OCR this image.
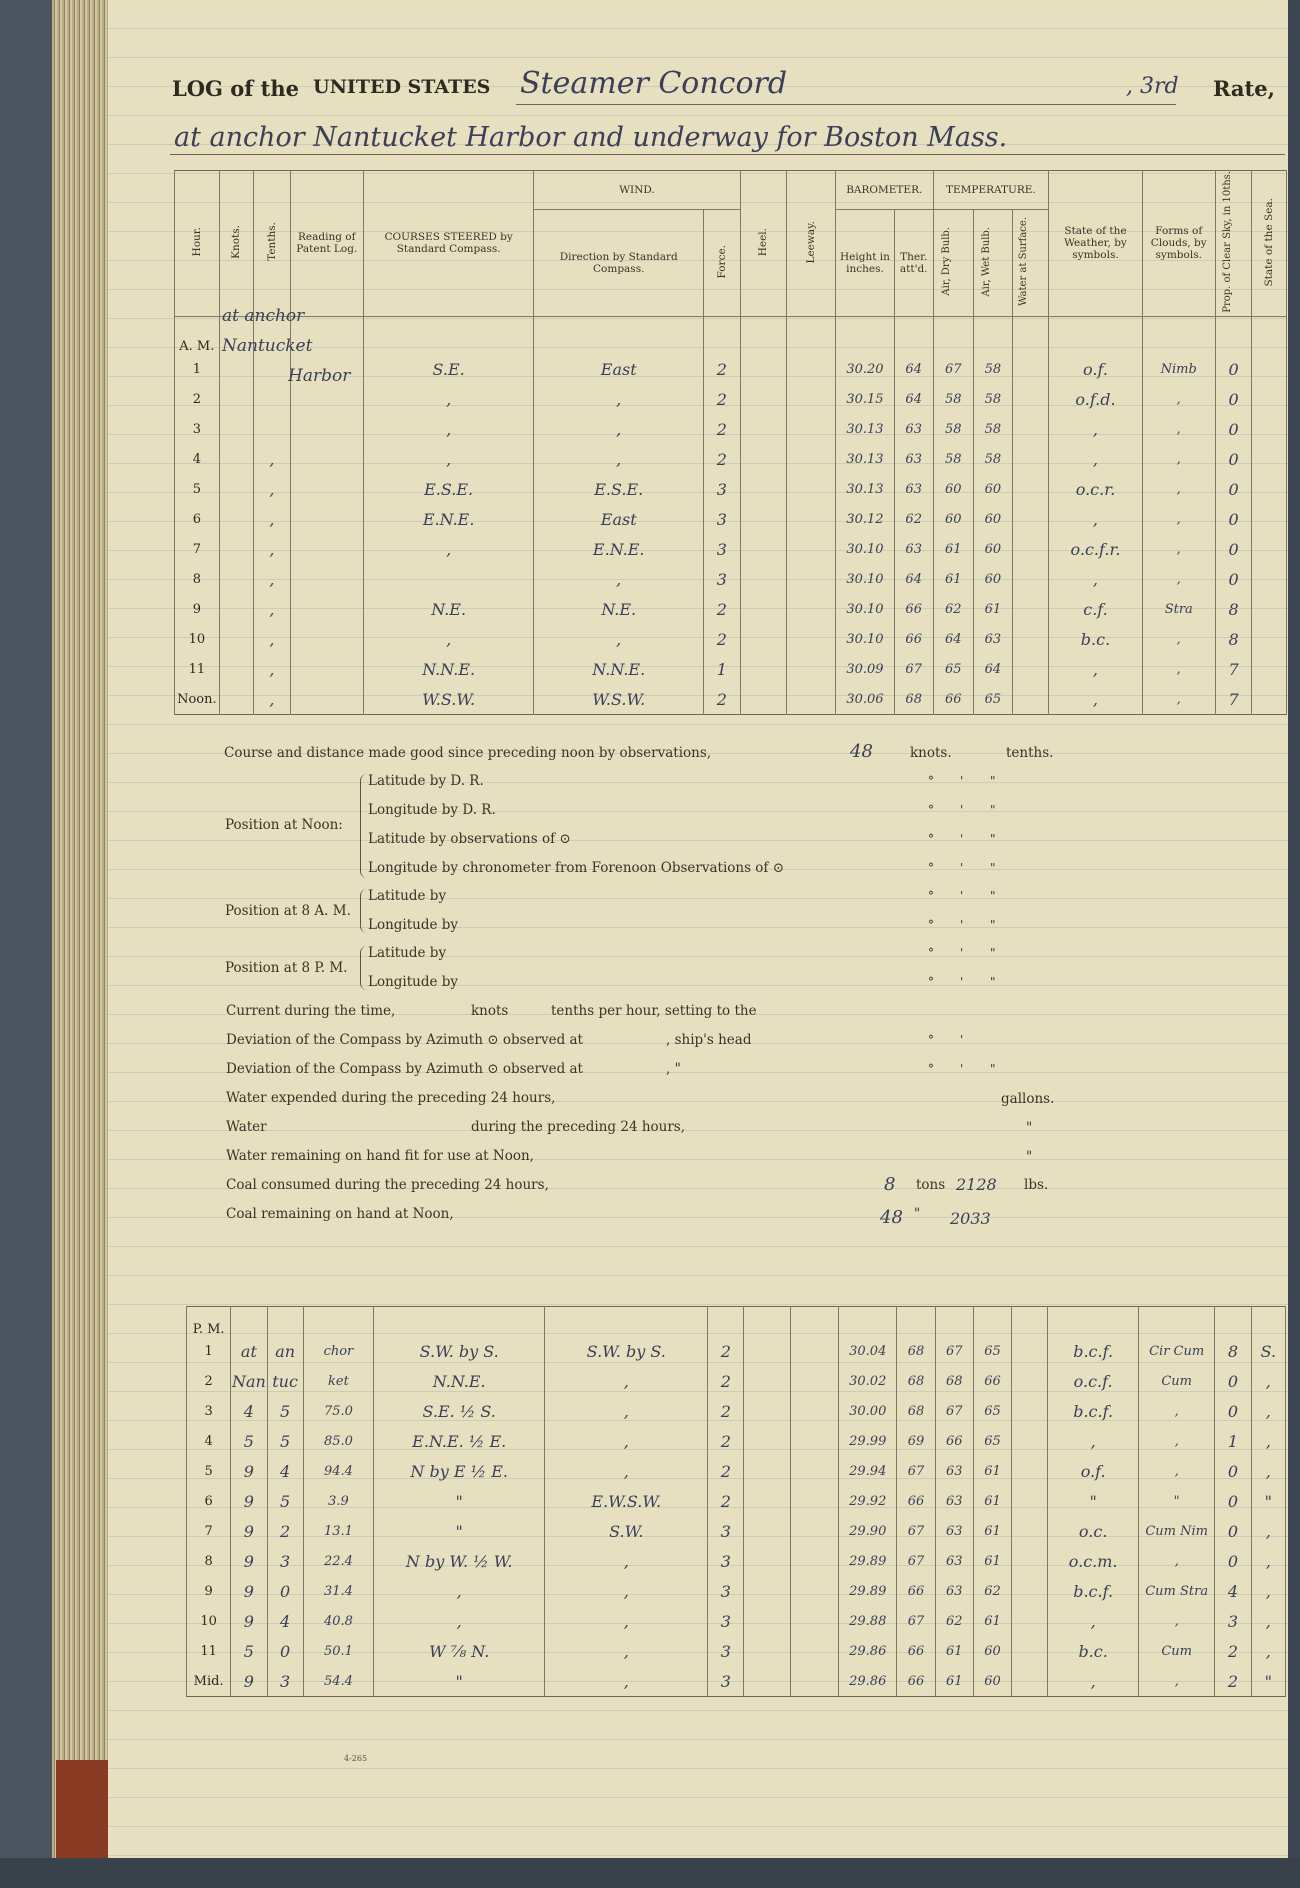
LOG of the UNITED STATES Steamer Concord	, 3rd Rate,
at anchor Nantucket Harbor and underway for Boston Mass.
Hour.	Knots.	Tenths.	Reading of Patent Log.	COURSES STEERED by Standard Compass.	WIND.		Heel.	Leeway.	BAROMETER.		TEMPERATURE.			State of the Weather, by symbols.	Forms of Clouds, by symbols.	Prop. of Clear Sky, in 10ths.	State of the Sea.
					Direction by Standard Compass.	Force.			Height in inches.	Ther. att'd.	Air, Dry Bulb.	Air, Wet Bulb.	Water at Surface.				
A. M.																	
1				S.E.	East	2			30.20	64	67	58		o.f.	Nimb	0	
2				,	,	2			30.15	64	58	58		o.f.d.	,	0	
3				,	,	2			30.13	63	58	58		,	,	0	
4		,		,	,	2			30.13	63	58	58		,	,	0	
5		,		E.S.E.	E.S.E.	3			30.13	63	60	60		o.c.r.	,	0	
6		,		E.N.E.	East	3			30.12	62	60	60		,	,	0	
7		,		,	E.N.E.	3			30.10	63	61	60		o.c.f.r.	,	0	
8		,			,	3			30.10	64	61	60		,	,	0	
9		,		N.E.	N.E.	2			30.10	66	62	61		c.f.	Stra	8	
10		,		,	,	2			30.10	66	64	63		b.c.	,	8	
11		,		N.N.E.	N.N.E.	1			30.09	67	65	64		,	,	7	
Noon.		,		W.S.W.	W.S.W.	2			30.06	68	66	65		,	,	7	
Course and distance made good since preceding noon by observations,	48	knots.	tenths.
Position at Noon:
Latitude by D. R.
Longitude by D. R.
Latitude by observations of ⊙
Longitude by chronometer from Forenoon Observations of ⊙
Position at 8 A. M.
Latitude by
Longitude by
Position at 8 P. M.
Latitude by
Longitude by
Current during the time,	knots	tenths per hour, setting to the
Deviation of the Compass by Azimuth ⊙ observed at	, ship's head
Deviation of the Compass by Azimuth ⊙ observed at	, "
Water expended during the preceding 24 hours,	gallons.
Water	during the preceding 24 hours,	"
Water remaining on hand fit for use at Noon,	"
Coal consumed during the preceding 24 hours,	8 tons 2128 lbs.
Coal remaining on hand at Noon,	48 " 2033
P. M.																	
1	at	an	chor	S.W. by S.	S.W. by S.	2			30.04	68	67	65		b.c.f.	Cir Cum	8	S.
2	Nan	tuc	ket	N.N.E.	,	2			30.02	68	68	66		o.c.f.	Cum	0	,
3	4	5	75.0	S.E. ½ S.	,	2			30.00	68	67	65		b.c.f.	,	0	,
4	5	5	85.0	E.N.E. ½ E.	,	2			29.99	69	66	65		,	,	1	,
5	9	4	94.4	N by E ½ E.	,	2			29.94	67	63	61		o.f.	,	0	,
6	9	5	3.9	"	E.W.S.W.	2			29.92	66	63	61		"	"	0	"
7	9	2	13.1	"	S.W.	3			29.90	67	63	61		o.c.	Cum Nim	0	,
8	9	3	22.4	N by W. ½ W.	,	3			29.89	67	63	61		o.c.m.	,	0	,
9	9	0	31.4	,	,	3			29.89	66	63	62		b.c.f.	Cum Stra	4	,
10	9	4	40.8	,	,	3			29.88	67	62	61		,	,	3	,
11	5	0	50.1	W ⅞ N.	,	3			29.86	66	61	60		b.c.	Cum	2	,
Mid.	9	3	54.4	"	,	3			29.86	66	61	60		,	,	2	"
4-265
at anchor
Nantucket
Harbor
° ' "
° ' "
° ' "
° ' "
° ' "
° ' "
° ' "
° ' "
° '
° ' "
